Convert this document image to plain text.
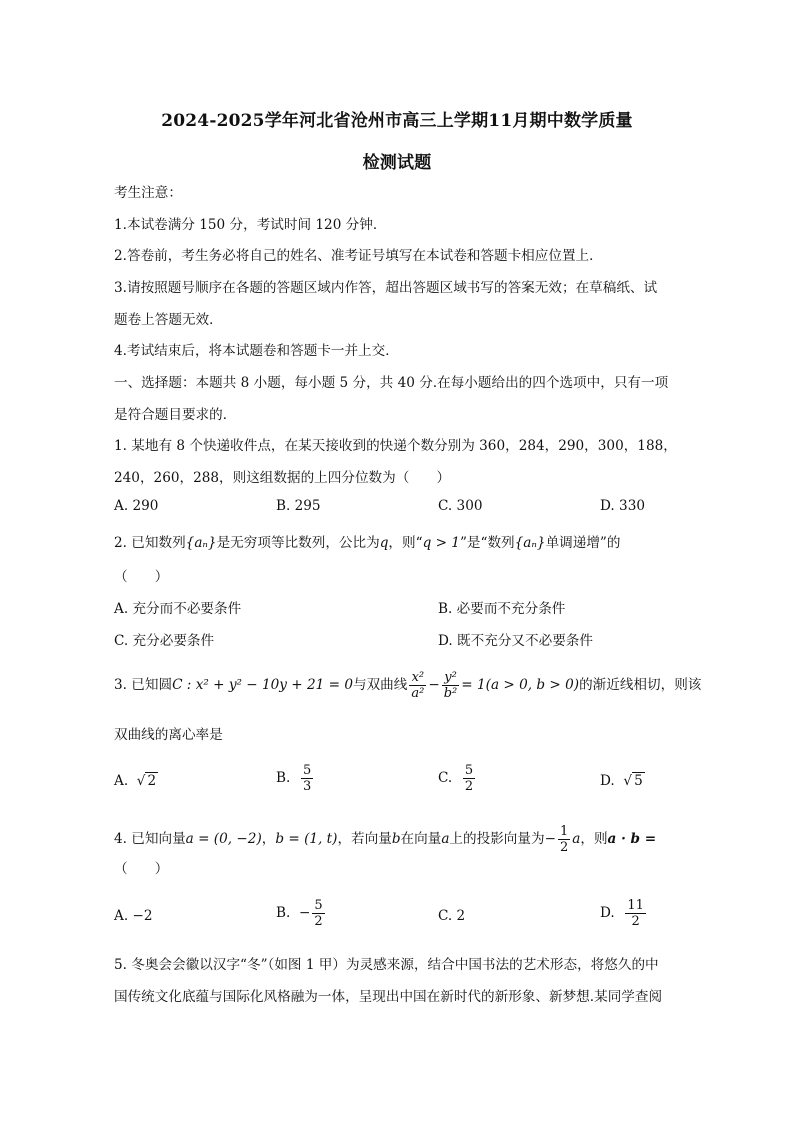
2024-2025学年河北省沧州市高三上学期11月期中数学质量
检测试题
考生注意：
1.本试卷满分 150 分，考试时间 120 分钟．
2.答卷前，考生务必将自己的姓名、准考证号填写在本试卷和答题卡相应位置上．
3.请按照题号顺序在各题的答题区域内作答，超出答题区域书写的答案无效；在草稿纸、试
题卷上答题无效．
4.考试结束后，将本试题卷和答题卡一并上交．
一、选择题：本题共 8 小题，每小题 5 分，共 40 分.在每小题给出的四个选项中，只有一项
是符合题目要求的．
1. 某地有 8 个快递收件点，在某天接收到的快递个数分别为 360，284，290，300，188，
240，260，288，则这组数据的上四分位数为（　　）
A. 290	B. 295	C. 300	D. 330
2. 已知数列{aₙ}是无穷项等比数列，公比为q，则“q > 1”是“数列{aₙ}单调递增”的
（　　）
A. 充分而不必要条件	B. 必要而不充分条件
C. 充分必要条件	D. 既不充分又不必要条件
3. 已知圆C : x² + y² − 10y + 21 = 0与双曲线 $\frac{\text{x²}}{\text{a²}} - \frac{\text{y²}}{\text{b²}} = 1(a > 0$, b > 0)的渐近线相切，则该
双曲线的离心率是
A. √ 2	B. $\frac{5}{3}$	C. $\frac{5}{2}$	D. √ 5
4. 已知向量a = (0, −2)，b = (1, t)，若向量b在向量a上的投影向量为− $\frac{1}{2}$ a，则a · b =
（　　）
A. −2	B. − $\frac{5}{2}$	C. 2	D. $\frac{11}{2}$
5. 冬奥会会徽以汉字“冬”（如图 1 甲）为灵感来源，结合中国书法的艺术形态，将悠久的中
国传统文化底蕴与国际化风格融为一体，呈现出中国在新时代的新形象、新梦想.某同学查阅
